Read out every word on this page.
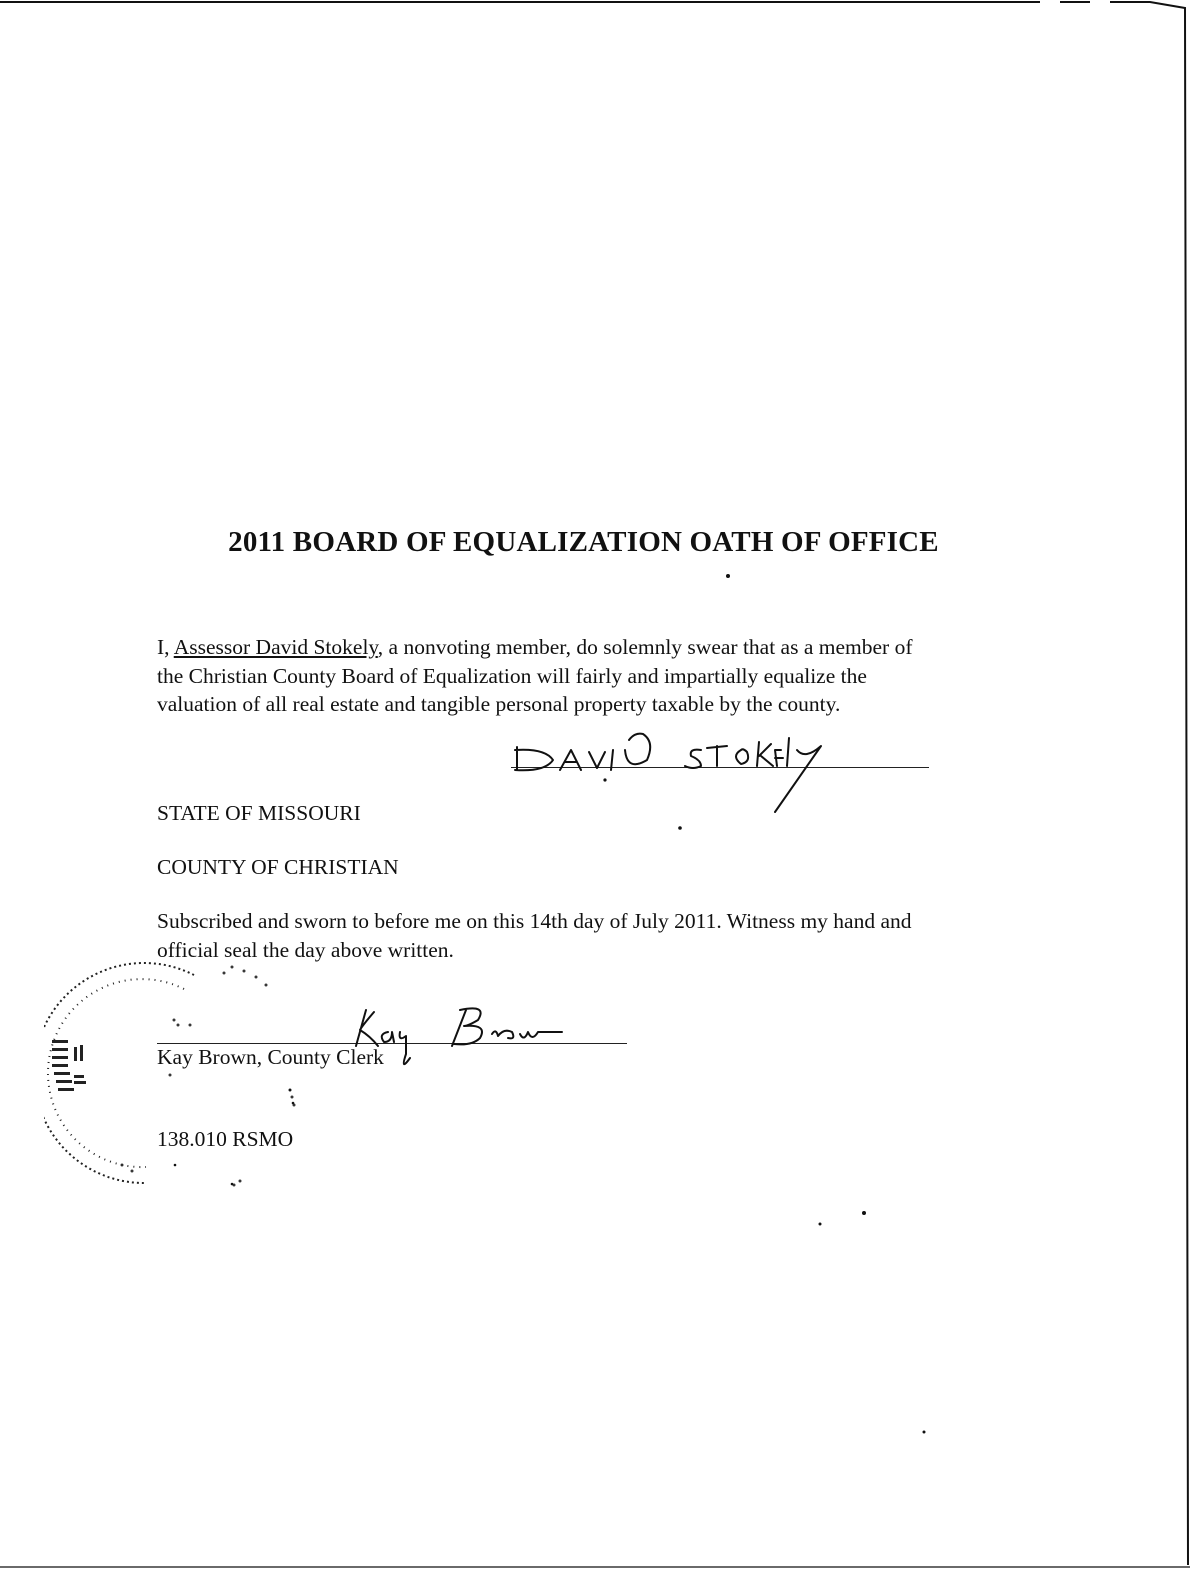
2011 BOARD OF EQUALIZATION OATH OF OFFICE
I, Assessor David Stokely, a nonvoting member, do solemnly swear that as a member of
the Christian County Board of Equalization will fairly and impartially equalize the
valuation of all real estate and tangible personal property taxable by the county.
STATE OF MISSOURI
COUNTY OF CHRISTIAN
Subscribed and sworn to before me on this 14th day of July 2011. Witness my hand and
official seal the day above written.
Kay Brown, County Clerk
138.010 RSMO
